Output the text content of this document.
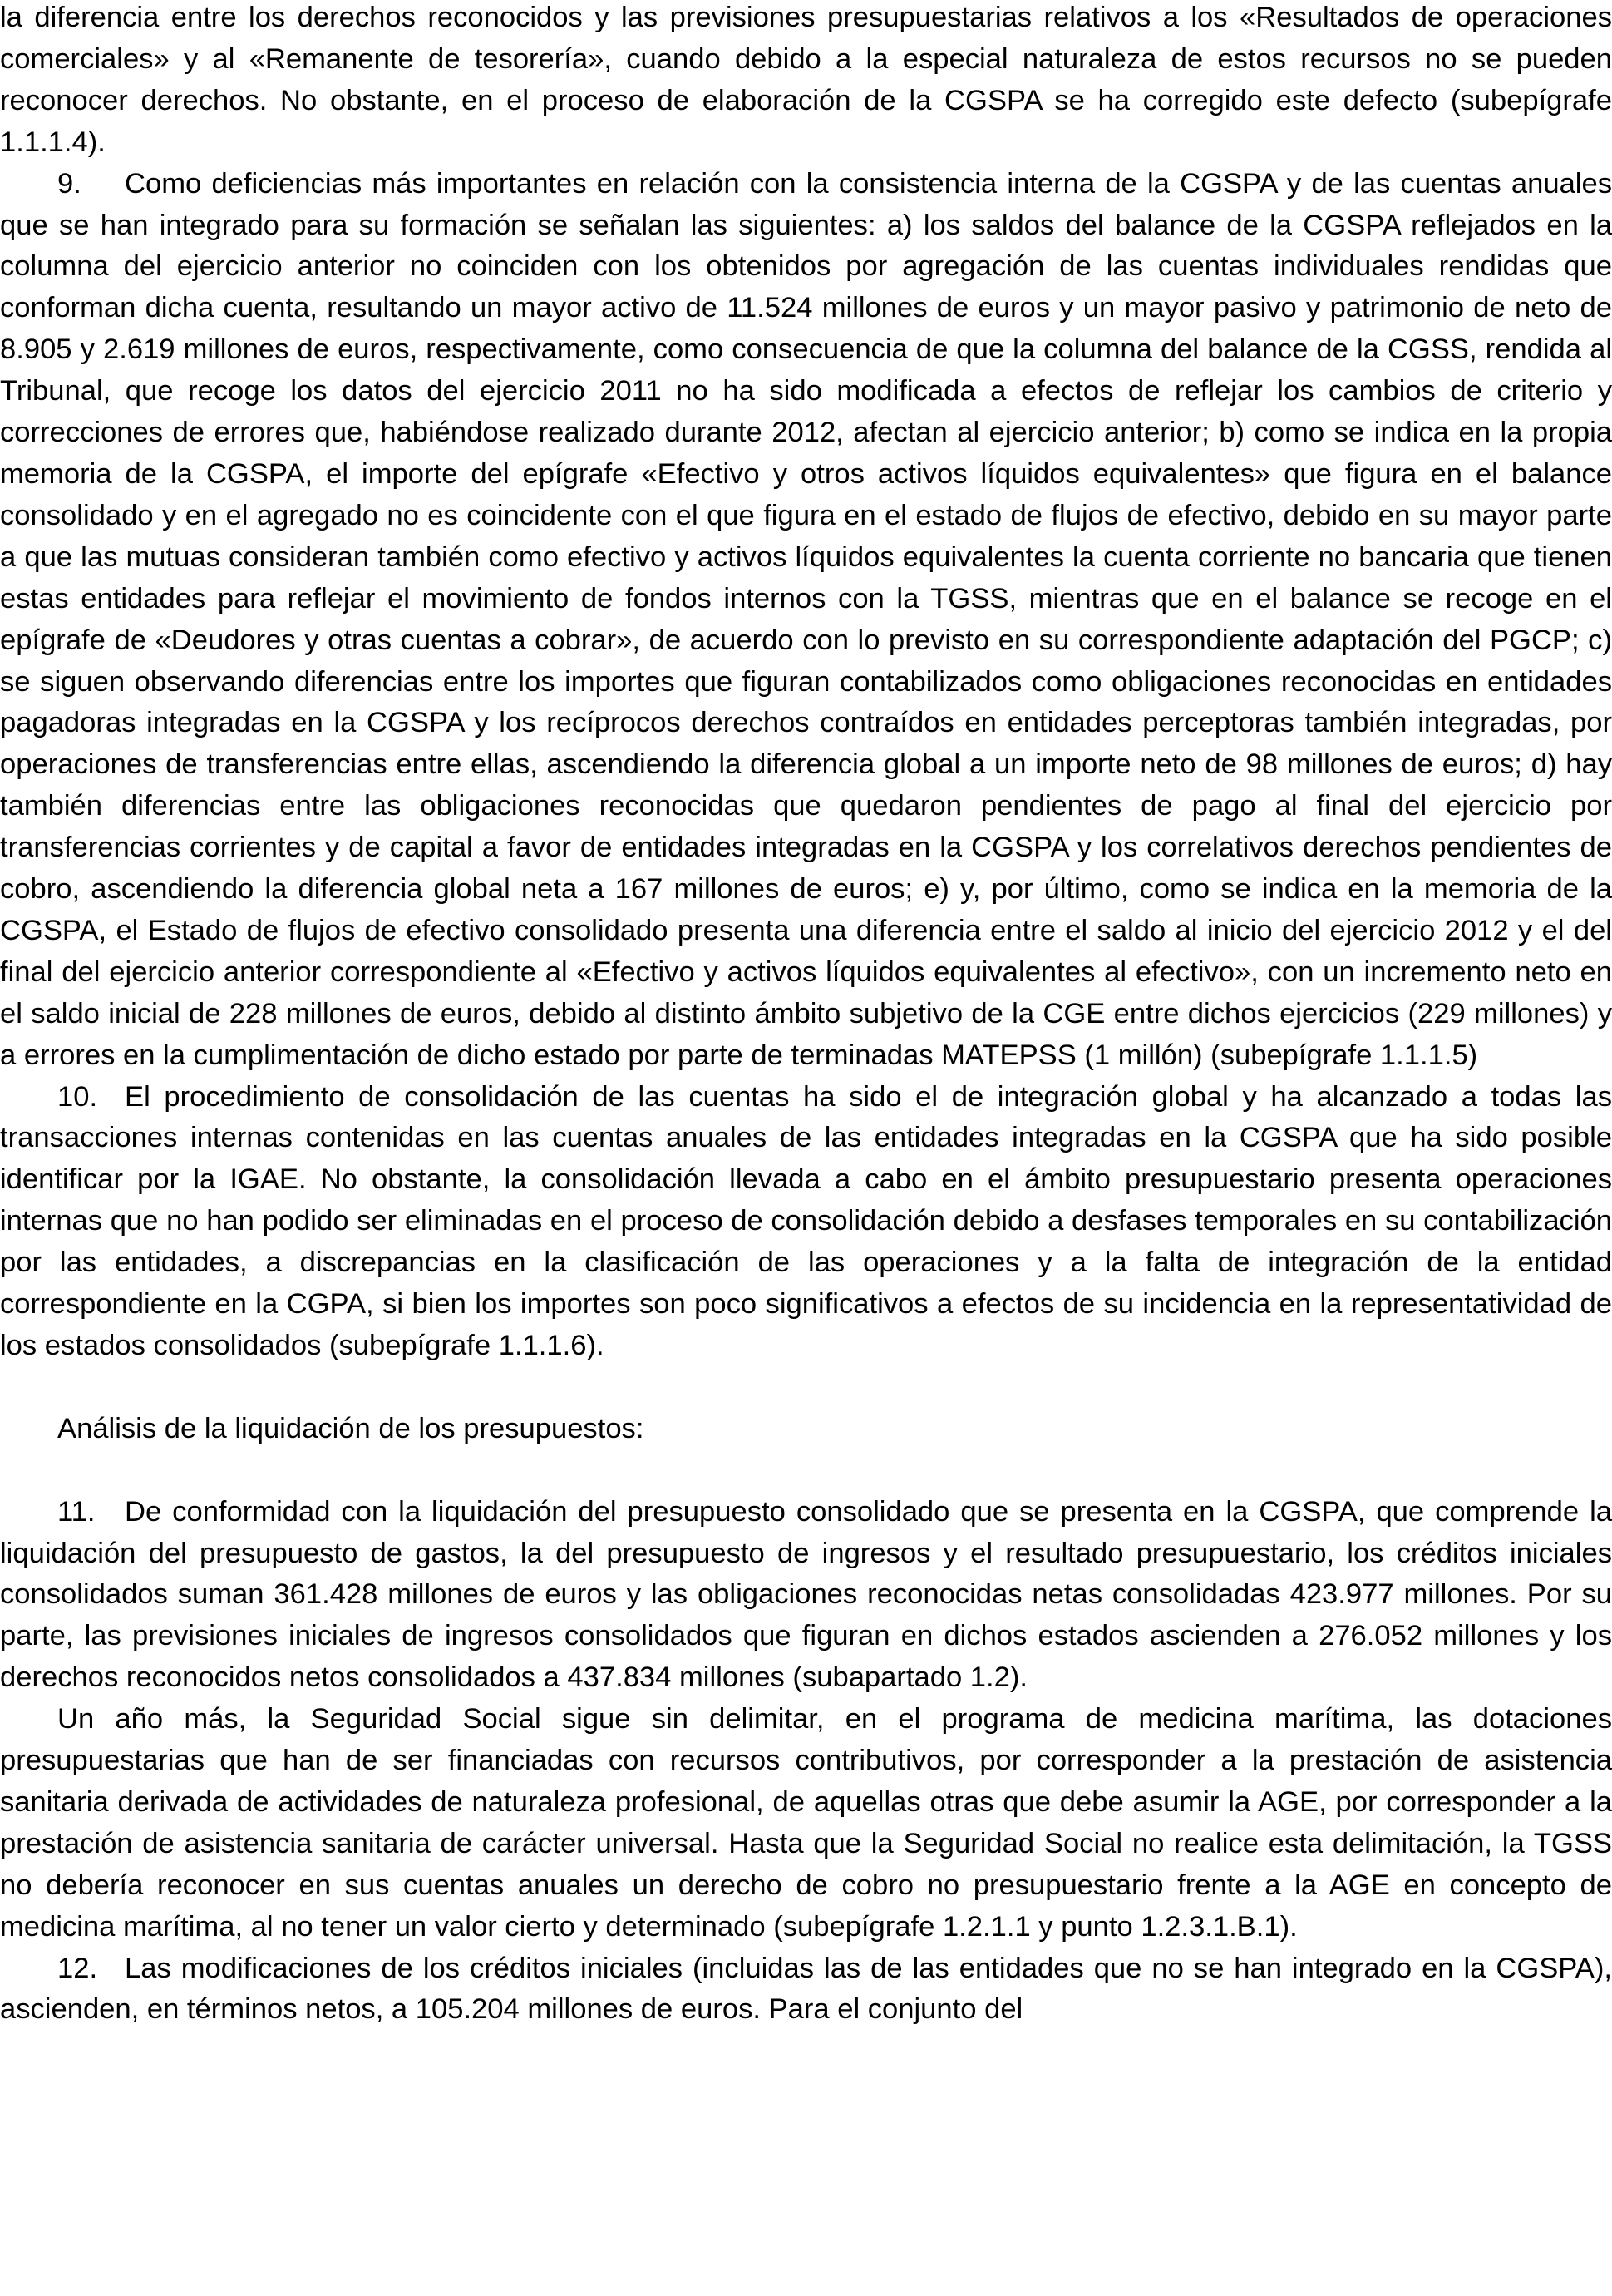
la diferencia entre los derechos reconocidos y las previsiones presupuestarias relativos a los «Resultados de operaciones comerciales» y al «Remanente de tesorería», cuando debido a la especial naturaleza de estos recursos no se pueden reconocer derechos. No obstante, en el proceso de elaboración de la CGSPA se ha corregido este defecto (subepígrafe 1.1.1.4).

9. Como deficiencias más importantes en relación con la consistencia interna de la CGSPA y de las cuentas anuales que se han integrado para su formación se señalan las siguientes: a) los saldos del balance de la CGSPA reflejados en la columna del ejercicio anterior no coinciden con los obtenidos por agregación de las cuentas individuales rendidas que conforman dicha cuenta, resultando un mayor activo de 11.524 millones de euros y un mayor pasivo y patrimonio de neto de 8.905 y 2.619 millones de euros, respectivamente, como consecuencia de que la columna del balance de la CGSS, rendida al Tribunal, que recoge los datos del ejercicio 2011 no ha sido modificada a efectos de reflejar los cambios de criterio y correcciones de errores que, habiéndose realizado durante 2012, afectan al ejercicio anterior; b) como se indica en la propia memoria de la CGSPA, el importe del epígrafe «Efectivo y otros activos líquidos equivalentes» que figura en el balance consolidado y en el agregado no es coincidente con el que figura en el estado de flujos de efectivo, debido en su mayor parte a que las mutuas consideran también como efectivo y activos líquidos equivalentes la cuenta corriente no bancaria que tienen estas entidades para reflejar el movimiento de fondos internos con la TGSS, mientras que en el balance se recoge en el epígrafe de «Deudores y otras cuentas a cobrar», de acuerdo con lo previsto en su correspondiente adaptación del PGCP; c) se siguen observando diferencias entre los importes que figuran contabilizados como obligaciones reconocidas en entidades pagadoras integradas en la CGSPA y los recíprocos derechos contraídos en entidades perceptoras también integradas, por operaciones de transferencias entre ellas, ascendiendo la diferencia global a un importe neto de 98 millones de euros; d) hay también diferencias entre las obligaciones reconocidas que quedaron pendientes de pago al final del ejercicio por transferencias corrientes y de capital a favor de entidades integradas en la CGSPA y los correlativos derechos pendientes de cobro, ascendiendo la diferencia global neta a 167 millones de euros; e) y, por último, como se indica en la memoria de la CGSPA, el Estado de flujos de efectivo consolidado presenta una diferencia entre el saldo al inicio del ejercicio 2012 y el del final del ejercicio anterior correspondiente al «Efectivo y activos líquidos equivalentes al efectivo», con un incremento neto en el saldo inicial de 228 millones de euros, debido al distinto ámbito subjetivo de la CGE entre dichos ejercicios (229 millones) y a errores en la cumplimentación de dicho estado por parte de terminadas MATEPSS (1 millón) (subepígrafe 1.1.1.5)

10. El procedimiento de consolidación de las cuentas ha sido el de integración global y ha alcanzado a todas las transacciones internas contenidas en las cuentas anuales de las entidades integradas en la CGSPA que ha sido posible identificar por la IGAE. No obstante, la consolidación llevada a cabo en el ámbito presupuestario presenta operaciones internas que no han podido ser eliminadas en el proceso de consolidación debido a desfases temporales en su contabilización por las entidades, a discrepancias en la clasificación de las operaciones y a la falta de integración de la entidad correspondiente en la CGPA, si bien los importes son poco significativos a efectos de su incidencia en la representatividad de los estados consolidados (subepígrafe 1.1.1.6).

Análisis de la liquidación de los presupuestos:

11. De conformidad con la liquidación del presupuesto consolidado que se presenta en la CGSPA, que comprende la liquidación del presupuesto de gastos, la del presupuesto de ingresos y el resultado presupuestario, los créditos iniciales consolidados suman 361.428 millones de euros y las obligaciones reconocidas netas consolidadas 423.977 millones. Por su parte, las previsiones iniciales de ingresos consolidados que figuran en dichos estados ascienden a 276.052 millones y los derechos reconocidos netos consolidados a 437.834 millones (subapartado 1.2).

Un año más, la Seguridad Social sigue sin delimitar, en el programa de medicina marítima, las dotaciones presupuestarias que han de ser financiadas con recursos contributivos, por corresponder a la prestación de asistencia sanitaria derivada de actividades de naturaleza profesional, de aquellas otras que debe asumir la AGE, por corresponder a la prestación de asistencia sanitaria de carácter universal. Hasta que la Seguridad Social no realice esta delimitación, la TGSS no debería reconocer en sus cuentas anuales un derecho de cobro no presupuestario frente a la AGE en concepto de medicina marítima, al no tener un valor cierto y determinado (subepígrafe 1.2.1.1 y punto 1.2.3.1.B.1).

12. Las modificaciones de los créditos iniciales (incluidas las de las entidades que no se han integrado en la CGSPA), ascienden, en términos netos, a 105.204 millones de euros. Para el conjunto del
